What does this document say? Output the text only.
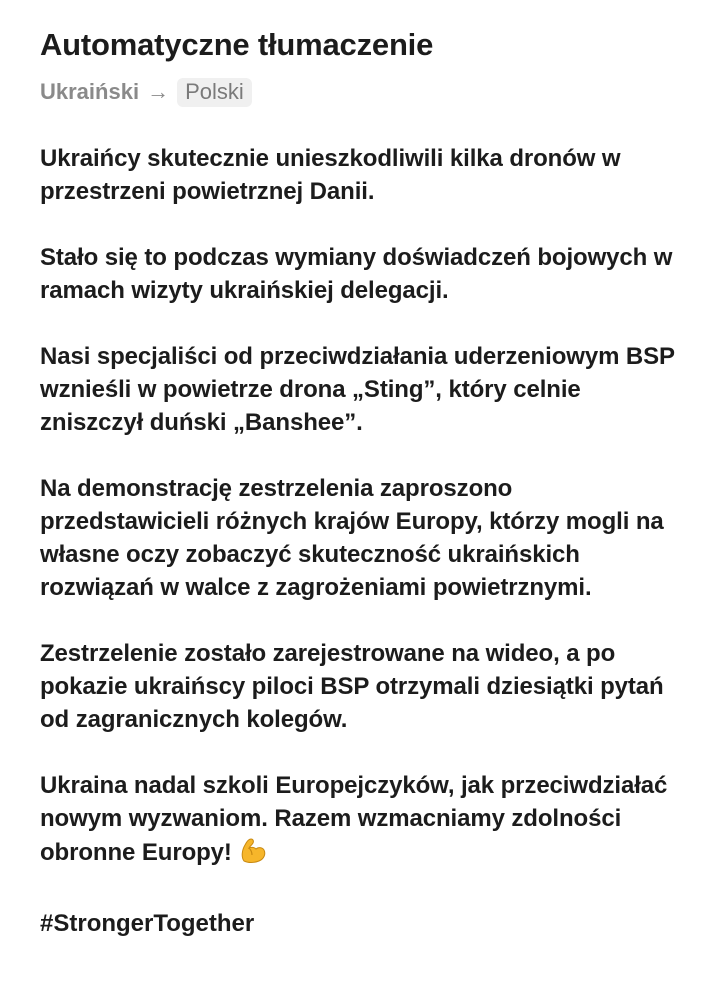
Automatyczne tłumaczenie
Ukraiński → Polski

Ukraińcy skutecznie unieszkodliwili kilka dronów w przestrzeni powietrznej Danii.

Stało się to podczas wymiany doświadczeń bojowych w ramach wizyty ukraińskiej delegacji.

Nasi specjaliści od przeciwdziałania uderzeniowym BSP wznieśli w powietrze drona „Sting”, który celnie zniszczył duński „Banshee”.

Na demonstrację zestrzelenia zaproszono przedstawicieli różnych krajów Europy, którzy mogli na własne oczy zobaczyć skuteczność ukraińskich rozwiązań w walce z zagrożeniami powietrznymi.

Zestrzelenie zostało zarejestrowane na wideo, a po pokazie ukraińscy piloci BSP otrzymali dziesiątki pytań od zagranicznych kolegów.

Ukraina nadal szkoli Europejczyków, jak przeciwdziałać nowym wyzwaniom. Razem wzmacniamy zdolności obronne Europy!

#StrongerTogether
